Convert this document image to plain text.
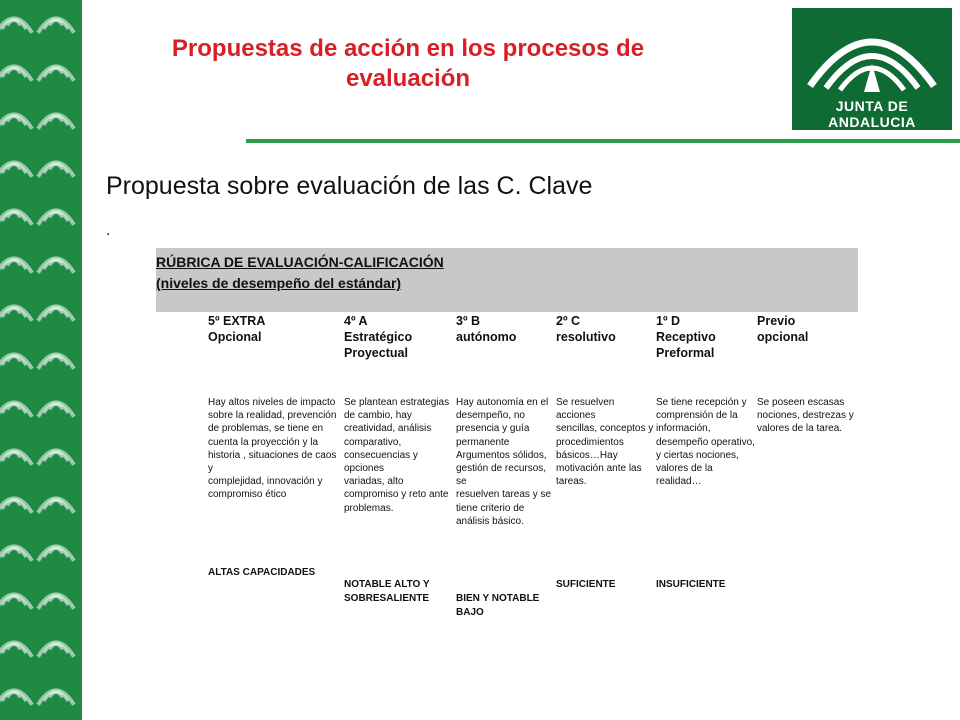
Propuestas de acción en los procesos de evaluación
JUNTA DE ANDALUCIA
Propuesta sobre evaluación de las C. Clave
.
RÚBRICA DE EVALUACIÓN-CALIFICACIÓN
(niveles de desempeño del estándar)
5º EXTRA
Opcional
4º A
Estratégico
Proyectual
3º B
autónomo
2º C
resolutivo
1º D
Receptivo
Preformal
Previo
opcional
Hay altos niveles de impacto
sobre la realidad, prevención
de problemas, se tiene en
cuenta la proyección y la
historia , situaciones de caos y
complejidad, innovación y
compromiso ético
Se plantean estrategias
de cambio, hay
creatividad, análisis
comparativo,
consecuencias y opciones
variadas, alto
compromiso y reto ante
problemas.
Hay autonomía en el
desempeño, no
presencia y guía
permanente
Argumentos sólidos,
gestión de recursos, se
resuelven tareas y se
tiene criterio de
análisis básico.
Se resuelven acciones
sencillas, conceptos y
procedimientos
básicos…Hay
motivación ante las
tareas.
Se tiene recepción y
comprensión de la
información,
desempeño operativo,
y ciertas nociones,
valores de la realidad…
Se poseen escasas
nociones, destrezas y
valores de la tarea.
ALTAS CAPACIDADES
NOTABLE ALTO Y
SOBRESALIENTE	BIEN Y NOTABLE BAJO
SUFICIENTE	INSUFICIENTE
